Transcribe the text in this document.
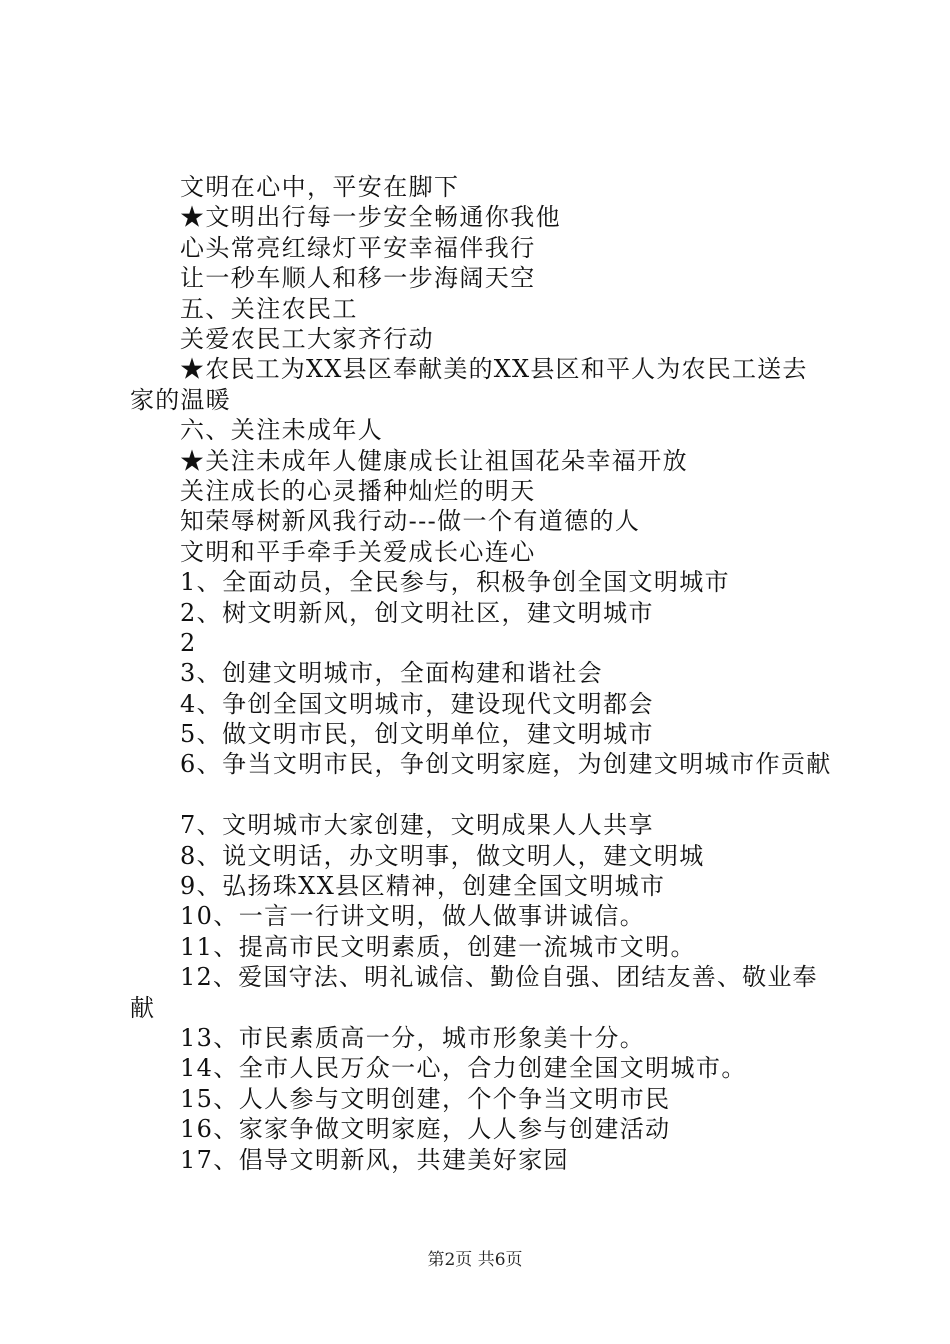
文明在心中，平安在脚下
★文明出行每一步安全畅通你我他
心头常亮红绿灯平安幸福伴我行
让一秒车顺人和移一步海阔天空
五、关注农民工
关爱农民工大家齐行动
★农民工为XX县区奉献美的XX县区和平人为农民工送去家的温暖
六、关注未成年人
★关注未成年人健康成长让祖国花朵幸福开放
关注成长的心灵播种灿烂的明天
知荣辱树新风我行动---做一个有道德的人
文明和平手牵手关爱成长心连心
1、全面动员，全民参与，积极争创全国文明城市
2、树文明新风，创文明社区，建文明城市
2
3、创建文明城市，全面构建和谐社会
4、争创全国文明城市，建设现代文明都会
5、做文明市民，创文明单位，建文明城市
6、争当文明市民，争创文明家庭，为创建文明城市作贡献
7、文明城市大家创建，文明成果人人共享
8、说文明话，办文明事，做文明人，建文明城
9、弘扬珠XX县区精神，创建全国文明城市
10、一言一行讲文明，做人做事讲诚信。
11、提高市民文明素质，创建一流城市文明。
12、爱国守法、明礼诚信、勤俭自强、团结友善、敬业奉献
13、市民素质高一分，城市形象美十分。
14、全市人民万众一心，合力创建全国文明城市。
15、人人参与文明创建，个个争当文明市民
16、家家争做文明家庭，人人参与创建活动
17、倡导文明新风，共建美好家园
第2页 共6页
